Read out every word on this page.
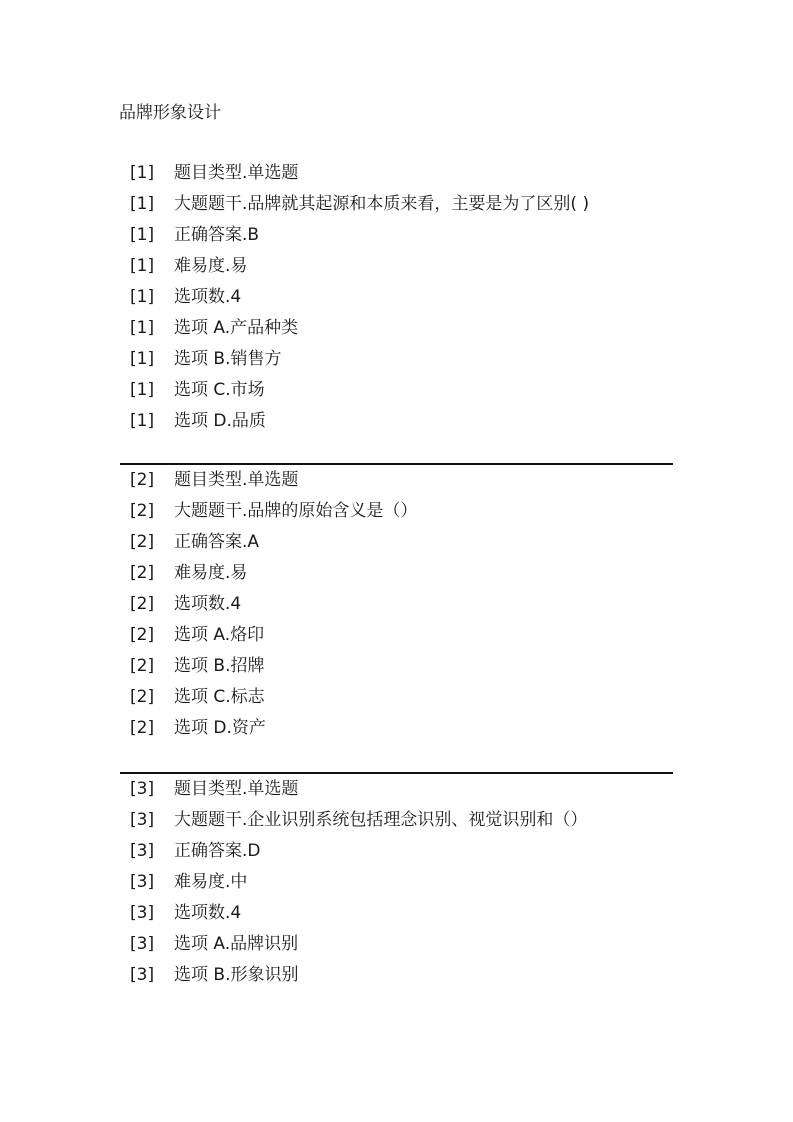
品牌形象设计
[1] 题目类型.单选题
[1] 大题题干.品牌就其起源和本质来看，主要是为了区别( )
[1] 正确答案.B
[1] 难易度.易
[1] 选项数.4
[1] 选项 A.产品种类
[1] 选项 B.销售方
[1] 选项 C.市场
[1] 选项 D.品质
[2] 题目类型.单选题
[2] 大题题干.品牌的原始含义是（）
[2] 正确答案.A
[2] 难易度.易
[2] 选项数.4
[2] 选项 A.烙印
[2] 选项 B.招牌
[2] 选项 C.标志
[2] 选项 D.资产
[3] 题目类型.单选题
[3] 大题题干.企业识别系统包括理念识别、视觉识别和（）
[3] 正确答案.D
[3] 难易度.中
[3] 选项数.4
[3] 选项 A.品牌识别
[3] 选项 B.形象识别
